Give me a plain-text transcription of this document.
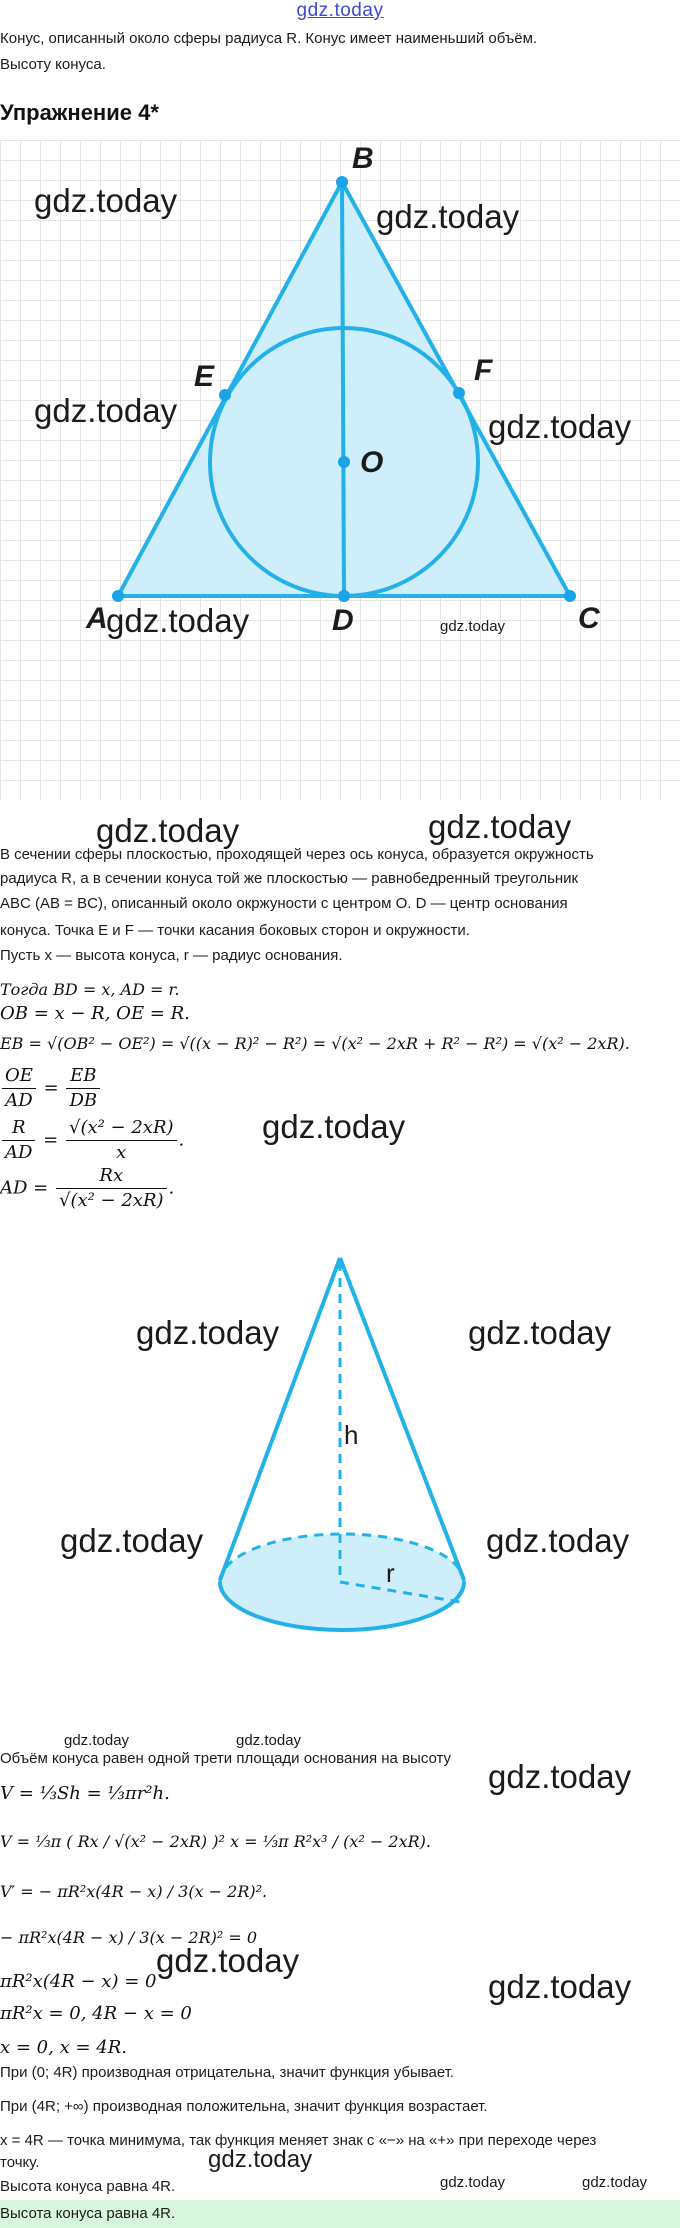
gdz.today
Конус, описанный около сферы радиуса R. Конус имеет наименьший объём.
Высоту конуса.
Упражнение 4*
B
E	F
O
A	D	C
gdz.today	gdz.today
gdz.today	gdz.today
gdz.today	gdz.today
gdz.today	gdz.today
В сечении сферы плоскостью, проходящей через ось конуса, образуется окружность
радиуса R, а в сечении конуса той же плоскостью — равнобедренный треугольник
ABC (AB = BC), описанный около окржуности с центром O. D — центр основания
конуса. Точка E и F — точки касания боковых сторон и окружности.
Пусть x — высота конуса, r — радиус основания.
Тогда BD = x, AD = r.
OB = x − R, OE = R.
EB = √(OB² − OE²) = √((x − R)² − R²) = √(x² − 2xR + R² − R²) = √(x² − 2xR).
$\frac{OE}{AD} = \frac{EB}{DB}$
$\frac{R}{AD} = \frac{\text{√(x² − 2xR)}}{x}$ . gdz.today
AD = $\frac{Rx}{\text{√(x² − 2xR)}}$ .
h
r
gdz.today	gdz.today
gdz.today	gdz.today
gdz.today	gdz.today
Объём конуса равен одной трети площади основания на высоту gdz.today
V = ⅓Sh = ⅓πr²h.
V = ⅓π ( Rx / √(x² − 2xR) )² x = ⅓π R²x³ / (x² − 2xR).
V′ = − πR²x(4R − x) / 3(x − 2R)².
− πR²x(4R − x) / 3(x − 2R)² = 0
gdz.today
gdz.today
πR²x(4R − x) = 0
πR²x = 0, 4R − x = 0
x = 0, x = 4R.
При (0; 4R) производная отрицательна, значит функция убывает.
При (4R; +∞) производная положительна, значит функция возрастает.
x = 4R — точка минимума, так функция меняет знак с «−» на «+» при переходе через
точку.	gdz.today
Высота конуса равна 4R.	gdz.today	gdz.today
Высота конуса равна 4R.
